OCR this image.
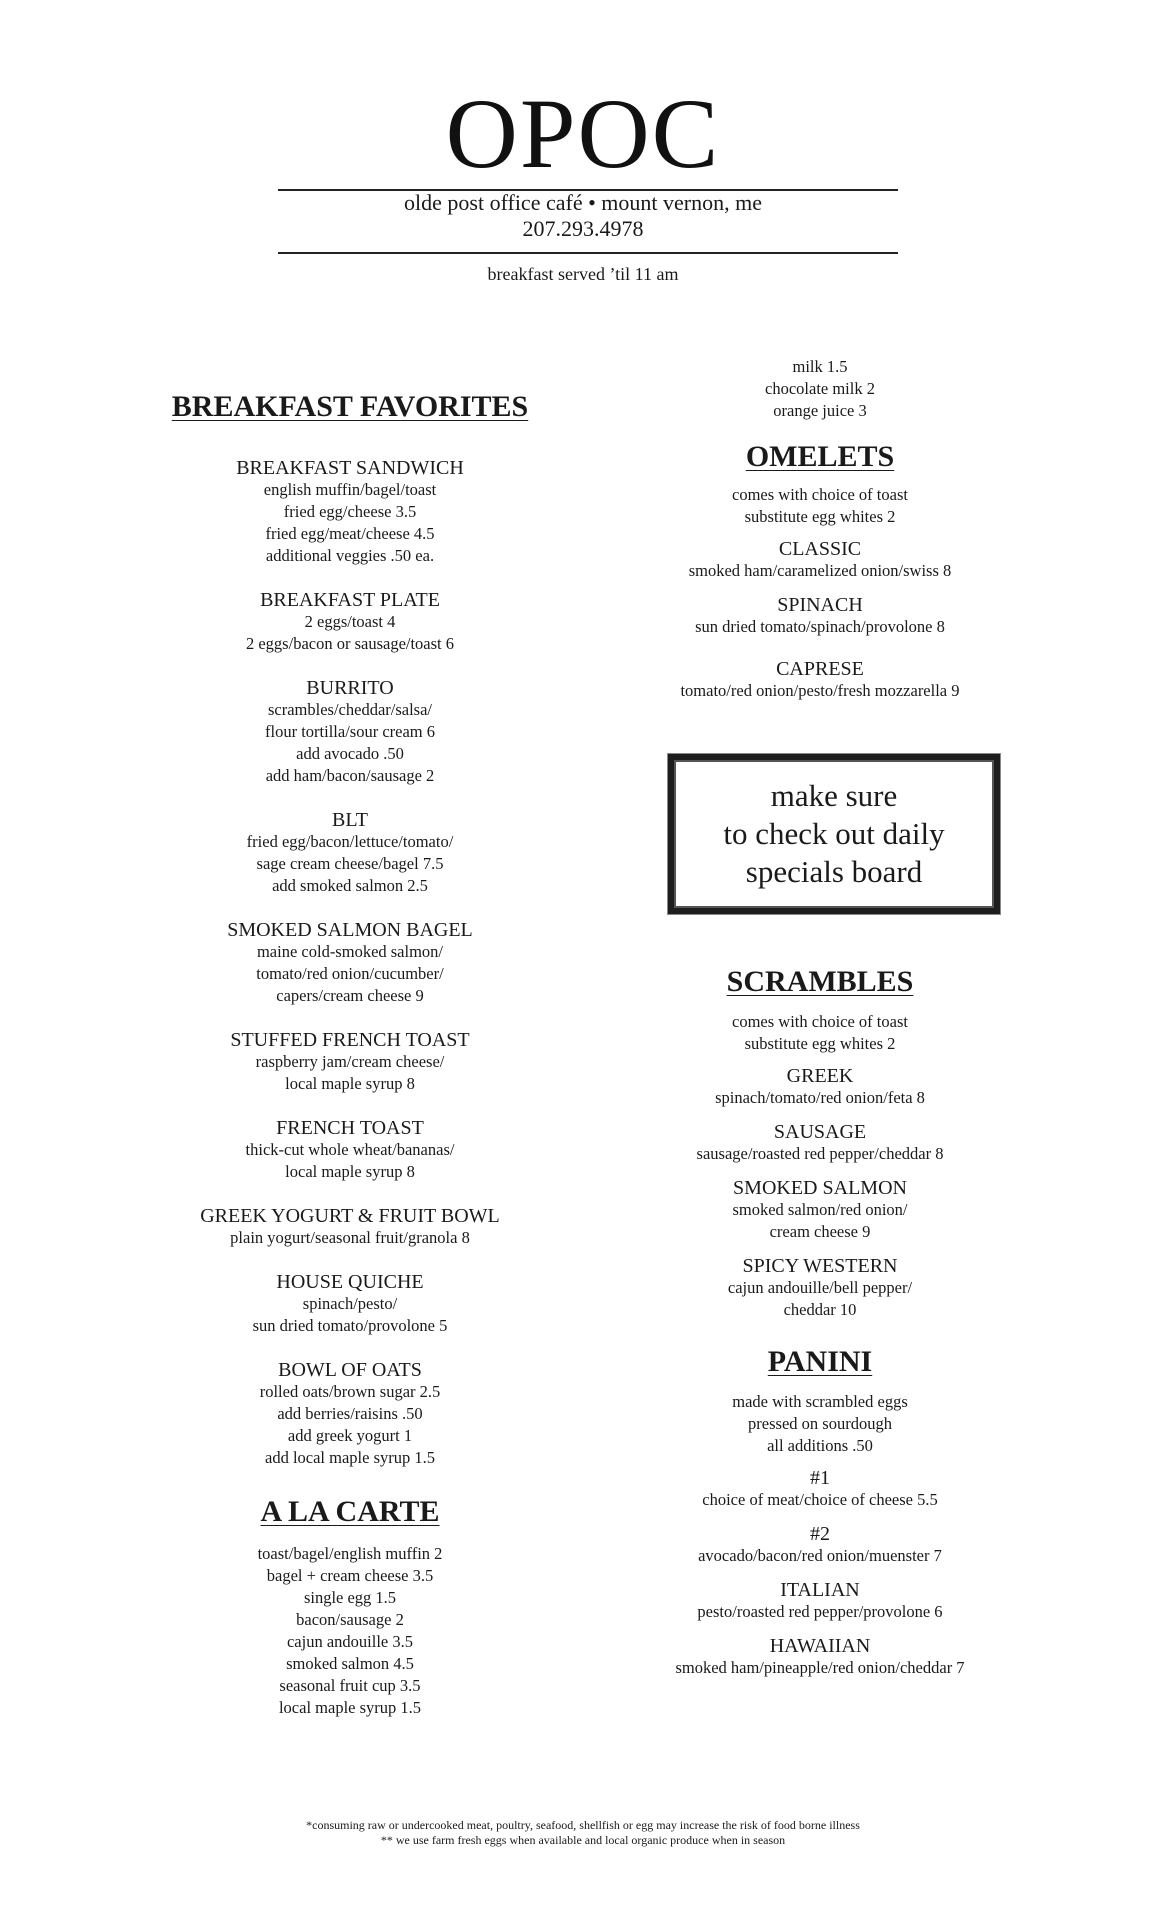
OPOC
olde post office café • mount vernon, me
207.293.4978
breakfast served ’til 11 am
BREAKFAST FAVORITES
BREAKFAST SANDWICH
english muffin/bagel/toast
fried egg/cheese 3.5
fried egg/meat/cheese 4.5
additional veggies .50 ea.
BREAKFAST PLATE
2 eggs/toast 4
2 eggs/bacon or sausage/toast 6
BURRITO
scrambles/cheddar/salsa/
flour tortilla/sour cream 6
add avocado .50
add ham/bacon/sausage 2
BLT
fried egg/bacon/lettuce/tomato/
sage cream cheese/bagel 7.5
add smoked salmon 2.5
SMOKED SALMON BAGEL
maine cold-smoked salmon/
tomato/red onion/cucumber/
capers/cream cheese 9
STUFFED FRENCH TOAST
raspberry jam/cream cheese/
local maple syrup 8
FRENCH TOAST
thick-cut whole wheat/bananas/
local maple syrup 8
GREEK YOGURT & FRUIT BOWL
plain yogurt/seasonal fruit/granola 8
HOUSE QUICHE
spinach/pesto/
sun dried tomato/provolone 5
BOWL OF OATS
rolled oats/brown sugar 2.5
add berries/raisins .50
add greek yogurt 1
add local maple syrup 1.5
A LA CARTE
toast/bagel/english muffin 2
bagel + cream cheese 3.5
single egg 1.5
bacon/sausage 2
cajun andouille 3.5
smoked salmon 4.5
seasonal fruit cup 3.5
local maple syrup 1.5
milk 1.5
chocolate milk 2
orange juice 3
OMELETS
comes with choice of toast
substitute egg whites 2
CLASSIC
smoked ham/caramelized onion/swiss 8
SPINACH
sun dried tomato/spinach/provolone 8
CAPRESE
tomato/red onion/pesto/fresh mozzarella 9
make sure
to check out daily
specials board
SCRAMBLES
comes with choice of toast
substitute egg whites 2
GREEK
spinach/tomato/red onion/feta 8
SAUSAGE
sausage/roasted red pepper/cheddar 8
SMOKED SALMON
smoked salmon/red onion/
cream cheese 9
SPICY WESTERN
cajun andouille/bell pepper/
cheddar 10
PANINI
made with scrambled eggs
pressed on sourdough
all additions .50
#1
choice of meat/choice of cheese 5.5
#2
avocado/bacon/red onion/muenster 7
ITALIAN
pesto/roasted red pepper/provolone 6
HAWAIIAN
smoked ham/pineapple/red onion/cheddar 7
*consuming raw or undercooked meat, poultry, seafood, shellfish or egg may increase the risk of food borne illness
** we use farm fresh eggs when available and local organic produce when in season
